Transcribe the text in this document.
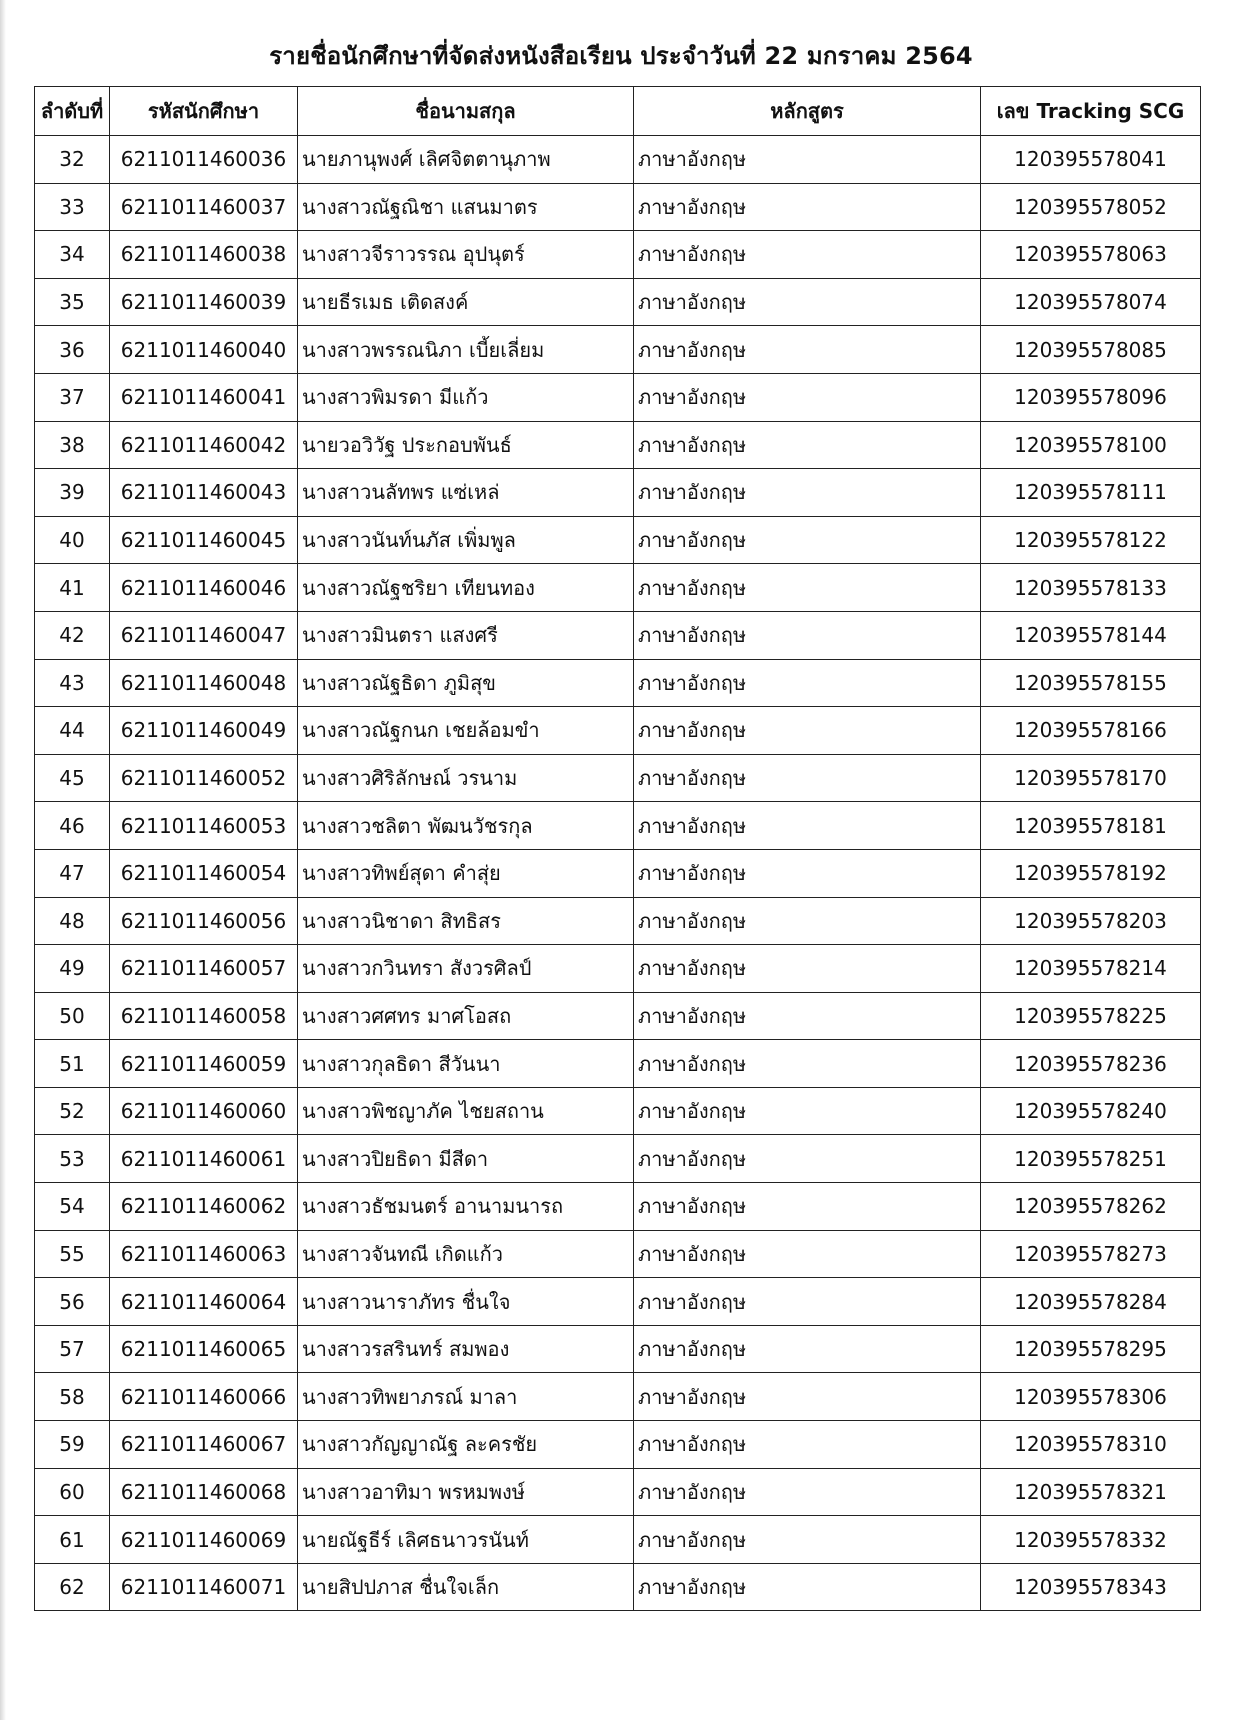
รายชื่อนักศึกษาที่จัดส่งหนังสือเรียน ประจำวันที่ 22 มกราคม 2564
ลำดับที่	รหัสนักศึกษา	ชื่อนามสกุล	หลักสูตร	เลข Tracking SCG
32	6211011460036	นายภานุพงศ์ เลิศจิตตานุภาพ	ภาษาอังกฤษ	120395578041
33	6211011460037	นางสาวณัฐณิชา แสนมาตร	ภาษาอังกฤษ	120395578052
34	6211011460038	นางสาวจีราวรรณ อุปนุตร์	ภาษาอังกฤษ	120395578063
35	6211011460039	นายธีรเมธ เติดสงค์	ภาษาอังกฤษ	120395578074
36	6211011460040	นางสาวพรรณนิภา เบี้ยเลี่ยม	ภาษาอังกฤษ	120395578085
37	6211011460041	นางสาวพิมรดา มีแก้ว	ภาษาอังกฤษ	120395578096
38	6211011460042	นายวอวิวัฐ ประกอบพันธ์	ภาษาอังกฤษ	120395578100
39	6211011460043	นางสาวนลัทพร แซ่เหล่	ภาษาอังกฤษ	120395578111
40	6211011460045	นางสาวนันท์นภัส เพิ่มพูล	ภาษาอังกฤษ	120395578122
41	6211011460046	นางสาวณัฐชริยา เทียนทอง	ภาษาอังกฤษ	120395578133
42	6211011460047	นางสาวมินตรา แสงศรี	ภาษาอังกฤษ	120395578144
43	6211011460048	นางสาวณัฐธิดา ภูมิสุข	ภาษาอังกฤษ	120395578155
44	6211011460049	นางสาวณัฐกนก เชยล้อมขำ	ภาษาอังกฤษ	120395578166
45	6211011460052	นางสาวศิริลักษณ์ วรนาม	ภาษาอังกฤษ	120395578170
46	6211011460053	นางสาวชลิตา พัฒนวัชรกุล	ภาษาอังกฤษ	120395578181
47	6211011460054	นางสาวทิพย์สุดา คำสุ่ย	ภาษาอังกฤษ	120395578192
48	6211011460056	นางสาวนิชาดา สิทธิสร	ภาษาอังกฤษ	120395578203
49	6211011460057	นางสาวกวินทรา สังวรศิลป์	ภาษาอังกฤษ	120395578214
50	6211011460058	นางสาวศศทร มาศโอสถ	ภาษาอังกฤษ	120395578225
51	6211011460059	นางสาวกุลธิดา สีวันนา	ภาษาอังกฤษ	120395578236
52	6211011460060	นางสาวพิชญาภัค ไชยสถาน	ภาษาอังกฤษ	120395578240
53	6211011460061	นางสาวปิยธิดา มีสีดา	ภาษาอังกฤษ	120395578251
54	6211011460062	นางสาวธัชมนตร์ อานามนารถ	ภาษาอังกฤษ	120395578262
55	6211011460063	นางสาวจันทณี เกิดแก้ว	ภาษาอังกฤษ	120395578273
56	6211011460064	นางสาวนาราภัทร ชื่นใจ	ภาษาอังกฤษ	120395578284
57	6211011460065	นางสาวรสรินทร์ สมพอง	ภาษาอังกฤษ	120395578295
58	6211011460066	นางสาวทิพยาภรณ์ มาลา	ภาษาอังกฤษ	120395578306
59	6211011460067	นางสาวกัญญาณัฐ ละครชัย	ภาษาอังกฤษ	120395578310
60	6211011460068	นางสาวอาทิมา พรหมพงษ์	ภาษาอังกฤษ	120395578321
61	6211011460069	นายณัฐธีร์ เลิศธนาวรนันท์	ภาษาอังกฤษ	120395578332
62	6211011460071	นายสิปปภาส ชื่นใจเล็ก	ภาษาอังกฤษ	120395578343
